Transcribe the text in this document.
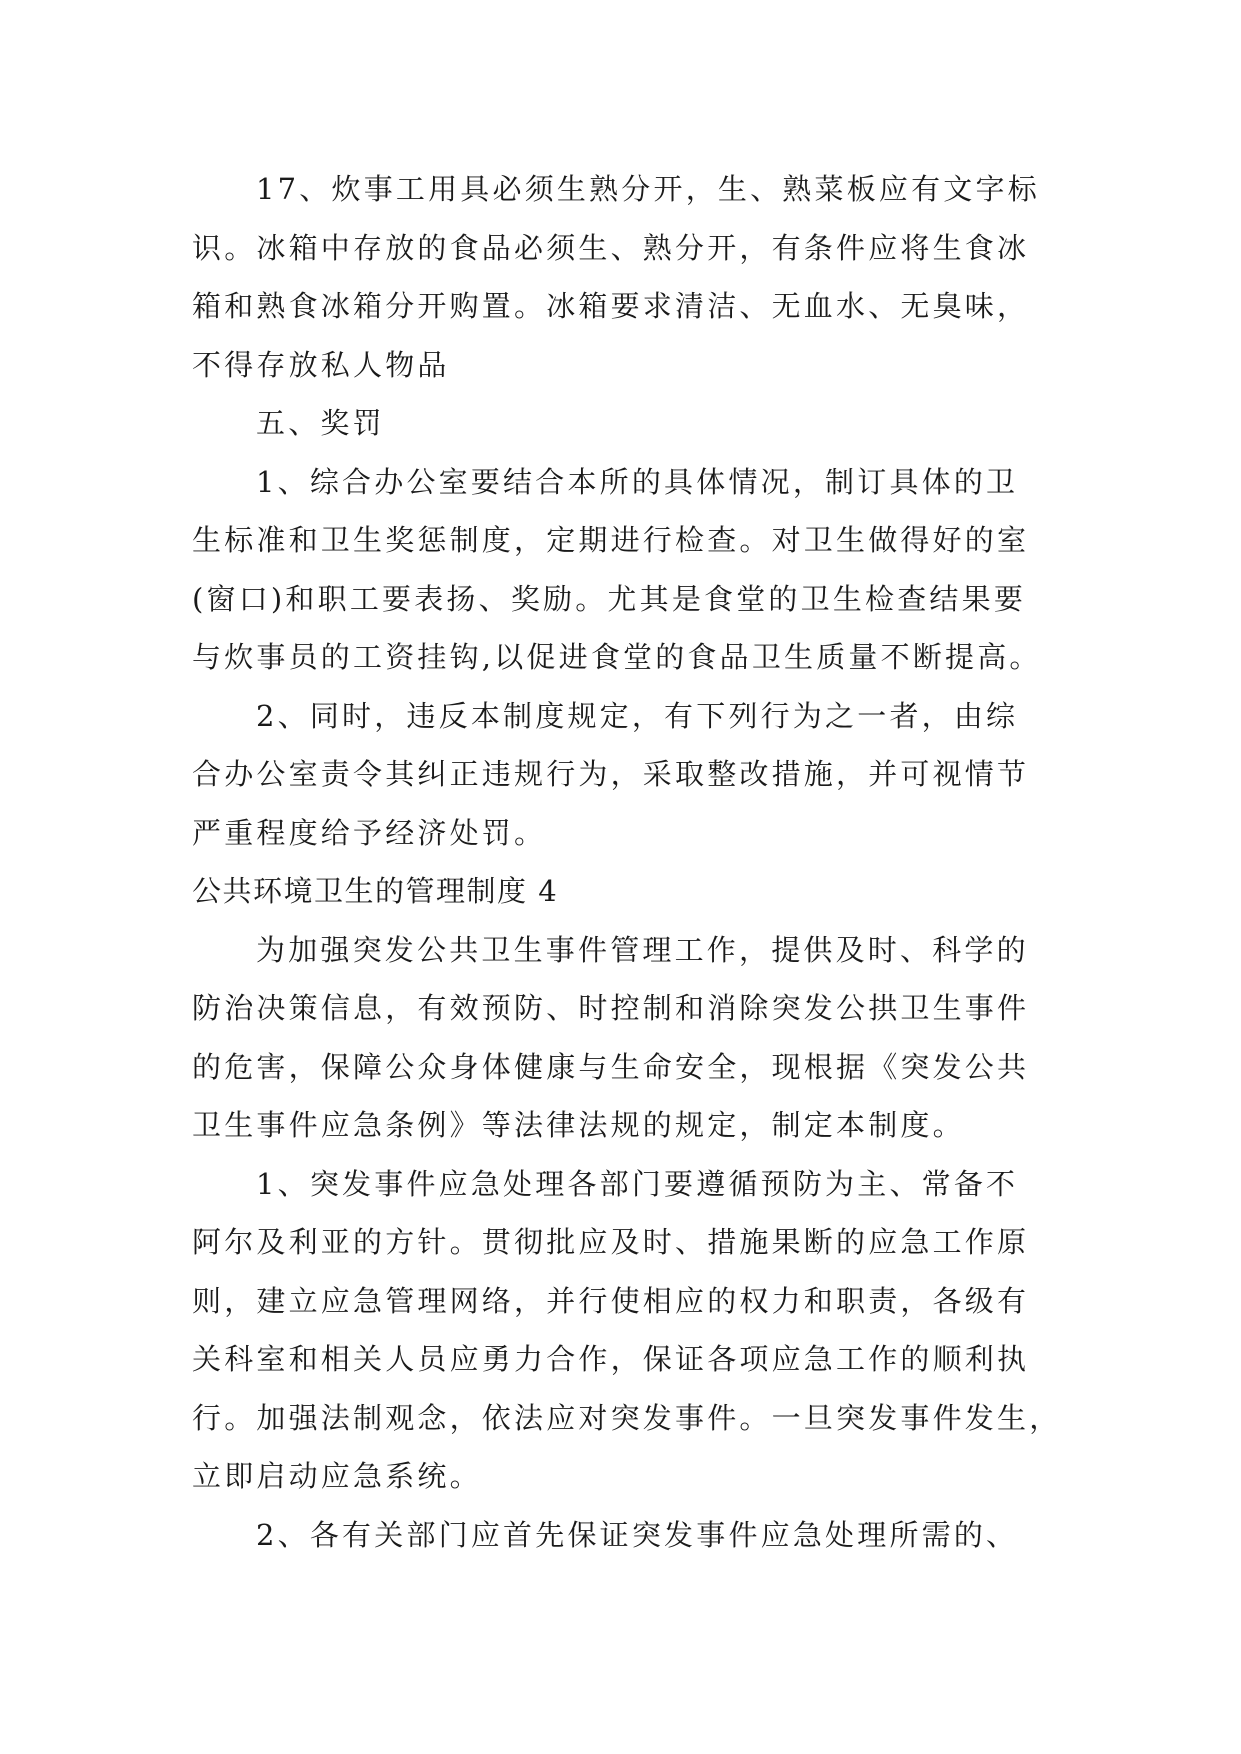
17、炊事工用具必须生熟分开，生、熟菜板应有文字标
识。冰箱中存放的食品必须生、熟分开，有条件应将生食冰
箱和熟食冰箱分开购置。冰箱要求清洁、无血水、无臭味，
不得存放私人物品
五、奖罚
1、综合办公室要结合本所的具体情况，制订具体的卫
生标准和卫生奖惩制度，定期进行检查。对卫生做得好的室
(窗口)和职工要表扬、奖励。尤其是食堂的卫生检查结果要
与炊事员的工资挂钩,以促进食堂的食品卫生质量不断提高。
2、同时，违反本制度规定，有下列行为之一者，由综
合办公室责令其纠正违规行为，采取整改措施，并可视情节
严重程度给予经济处罚。
公共环境卫生的管理制度 4
为加强突发公共卫生事件管理工作，提供及时、科学的
防治决策信息，有效预防、时控制和消除突发公拱卫生事件
的危害，保障公众身体健康与生命安全，现根据《突发公共
卫生事件应急条例》等法律法规的规定，制定本制度。
1、突发事件应急处理各部门要遵循预防为主、常备不
阿尔及利亚的方针。贯彻批应及时、措施果断的应急工作原
则，建立应急管理网络，并行使相应的权力和职责，各级有
关科室和相关人员应勇力合作，保证各项应急工作的顺利执
行。加强法制观念，依法应对突发事件。一旦突发事件发生，
立即启动应急系统。
2、各有关部门应首先保证突发事件应急处理所需的、
